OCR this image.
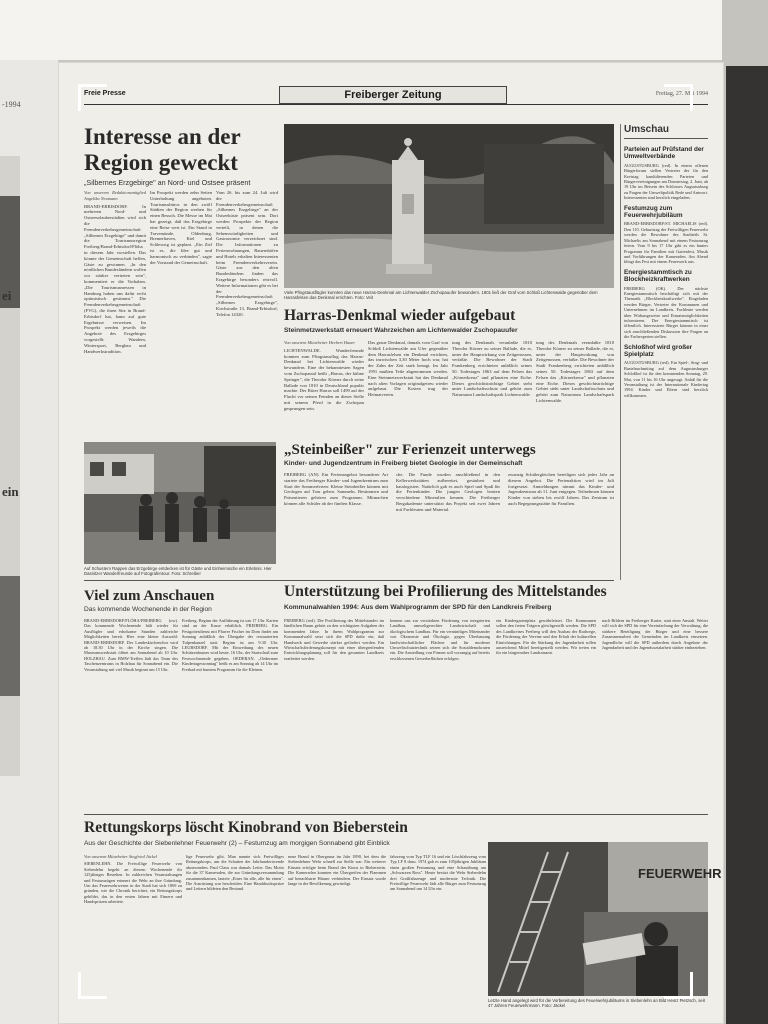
-1994
ei
ein
Freie Presse	Freiberger Zeitung	Freitag, 27. Mai 1994
Interesse an der Region geweckt
„Silbernes Erzgebirge" an Nord- und Ostsee präsent
Von unserem Redaktionsmitglied Angelika Neumann

BRAND-ERBISDORF. In mehreren Nord- und Ostseeurlauberstädten wird sich die Fremdenverkehrsgemeinschaft „Silbernes Erzgebirge" und damit die Tourismusregion Freiberg/Brand-Erbisdorf/Flöha in diesem Jahr vorstellen. Das könnte der Gemeinschaft helfen, Gäste zu gewinnen. „In den nördlichen Bundesländern wollen wir stärker vertreten sein", kommentiert er die Vorhaben. „Die Tourismusmessen in Hamburg haben uns dafür recht optimistisch gestimmt." Die Fremdenverkehrsgemeinschaft (FVG), die ihren Sitz in Brand-Erbisdorf hat, kann auf gute Ergebnisse verweisen. Im Prospekt werden jeweils die Angebote des Erzgebirges vorgestellt: Wandern, Wintersport, Bergbau und Handwerkstradition.

Im Prospekt werden zehn Seiten Unterhaltung angeboten. Tourismusbüros in den zwölf Städten der Region werben für einen Besuch. Die Messe im Mai hat gezeigt, daß das Erzgebirge eine Reise wert ist. Ein Stand in Travemünde, Oldenburg, Bremerhaven, Kiel und Schleswig ist geplant. „Ein Ziel ist es, die Idee gut und harmonisch zu verbinden", sagte der Vorstand der Gemeinschaft.

Vom 26. bis zum 24. Juli wird die Fremdenverkehrsgemeinschaft „Silbernes Erzgebirge" an der Ostseeküste präsent sein. Dort werden Prospekte der Region verteilt, in denen die Sehenswürdigkeiten und Gastronomie verzeichnet sind. Die Informationen zu Ferienwohnungen, Bauernhöfen und Hotels erhalten Interessenten beim Fremdenverkehrsverein. Gäste aus den alten Bundesländern finden das Erzgebirge besonders reizvoll. Weitere Informationen gibt es bei der Fremdenverkehrsgemeinschaft „Silbernes Erzgebirge", Kirchstraße 13, Brand-Erbisdorf, Telefon 14320.

Viele Pfingstausflügler konnten das neue Harras-Denkmal am Lichtenwalder Zschopauufer bewundern. 1801 ließ der Graf vom Schloß Lichtenwalde gegenüber dem Harrasfelsen das Denkmal errichten. Foto: Veit
Harras-Denkmal wieder aufgebaut
Steinmetzwerkstatt erneuert Wahrzeichen am Lichtenwalder Zschopauufer
Von unserem Mitarbeiter Herbert Hauer

LICHTENWALDE. Wanderfreunde konnten zum Pfingstausflug das Harras-Denkmal bei Lichtenwalde wieder bewundern. Eine der bekanntesten Sagen vom Zschopautal heißt „Harras, der kühne Springer", die Theodor Körner durch seine Ballade von 1810 in Deutschland populär machte. Der Ritter Harras soll 1499 auf der Flucht vor seinen Feinden an dieser Stelle mit seinem Pferd in die Zschopau gesprungen sein.

Das graue Denkmal, damals vom Graf von Schloß Lichtenwalde am Ufer gegenüber dem Harrasfelsen ein Denkmal errichten, das inzwischen 3,30 Meter hoch war, hat der Zahn der Zeit stark benagt. Im Jahr 1991 mußten Teile abgenommen werden. Eine Steinmetzwerkstatt hat das Denkmal nach alten Vorlagen originalgetreu wieder aufgebaut. Die Kosten trug der Heimatverein.

tung des Denkmals veranlaßte 1810 Theodor Körner zu seiner Ballade, die er, unter der Hauptwirkung von Zeitgenossen, verfaßte. Die Bewohner der Stadt Frankenberg errichteten anläßlich seines 50. Todestages 1863 auf dem Felsen das „Körnerkreuz" und pflanzten eine Eiche. Dieses geschichtsträchtige Gebiet steht unter Landschaftsschutz und gehört zum Naturraum Landschaftspark Lichtenwalde.

tung des Denkmals veranlaßte 1810 Theodor Körner zu seiner Ballade, die er, unter der Hauptwirkung von Zeitgenossen, verfaßte. Die Bewohner der Stadt Frankenberg errichteten anläßlich seines 50. Todestages 1863 auf dem Felsen das „Körnerkreuz" und pflanzten eine Eiche. Dieses geschichtsträchtige Gebiet steht unter Landschaftsschutz und gehört zum Naturraum Landschaftspark Lichtenwalde.

Auf Schustern Rappen das Erzgebirge entdecken ist für Gäste und Einheimische ein Erlebnis. Hier Dasnitzer Wanderfreunde auf Fotografentour. Foto: Schreiber
„Steinbeißer" zur Ferienzeit unterwegs
Kinder- und Jugendzentrum in Freiberg bietet Geologie in der Gemeinschaft

FREIBERG (AN). Ein Ferienangebot besonderer Art startete das Freiberger Kinder- und Jugendzentrum zum Start der Sommerferien: Kleine Steinbeißer können mit Geologen auf Tour gehen. Sammeln, Bestimmen und Präsentieren gehören zum Programm. Mitmachen können alle Schüler ab der fünften Klasse.

che. Die Funde wurden anschließend in den Kellerwerkstätten aufbereitet, gesäubert und katalogisiert. Natürlich gab es auch Spiel und Spaß für die Ferienkinder. Die jungen Geologen lernten verschiedene Mineralien kennen. Die Freiberger Bergakademie unterstützt das Projekt seit zwei Jahren mit Fachleuten und Material.

zwanzig Schülergleichen beteiligen sich jedes Jahr an diesem Angebot. Die Ferienaktion wird im Juli fortgesetzt. Anmeldungen nimmt das Kinder- und Jugendzentrum ab 11. Juni entgegen. Teilnehmen können Kinder von sieben bis zwölf Jahren. Das Zentrum ist auch Begegnungsstätte für Familien.

Viel zum Anschauen
Das kommende Wochenende in der Region

BRAND-ERBISDORF/FLÖHA/FREIBERG (ow). Das kommende Wochenende hält wieder für Ausflügler und erholsame Stunden zahlreiche Möglichkeiten bereit. Hier eine kleine Auswahl: BRAND-ERBISDORF. Der Landeskirchenchor wird ab 18.30 Uhr in der Kirche singen. Die Museumswerkstatt öffnet am Sonnabend ab 10 Uhr. HOLZHAU. Zum BMW-Treffen lädt das Team des Taschenzentrums in Holzhau für Sonnabend ein. Die Veranstaltung mit viel Musik beginnt um 15 Uhr.

Freiberg. Beginn der Aufführung ist um 17 Uhr. Karten sind an der Kasse erhältlich. FREIBERG. Ein Festgottesdienst mit Pfarrer Fischer im Dom findet am Sonntag anläßlich der Übergabe der restaurierten Tulpenkanzel statt. Beginn ist um 9.30 Uhr. LEUBSDORF. Mit der Einweihung des neuen Schützenhauses wird heute, 16 Uhr, der Startschuß zum Festwochenende gegeben. OEDERAN. „Oederaner Kindertagessonntag" heißt es am Sonntag ab 14 Uhr im Freibad mit buntem Programm für die Kleinen.

Unterstützung bei Profilierung des Mittelstandes
Kommunalwahlen 1994: Aus dem Wahlprogramm der SPD für den Landkreis Freiberg

FREIBERG (red). Die Profilierung des Mittelstandes im ländlichen Raum gehört zu den wichtigsten Aufgaben der kommenden Jahre. In ihrem Wahlprogramm zur Kommunalwahl setzt sich die SPD dafür ein, daß Handwerk und Gewerbe stärker gefördert werden. Ein Wirtschaftsförderungskonzept mit einer übergreifenden Entwicklungsplanung soll für den gesamten Landkreis erarbeitet werden.

kennen uns zur verstärkten Förderung von integrierten Landbau, umweltgerechter Landwirtschaft und ökologischem Landbau. Für ein vernünftiges Miteinander von Ökonomie und Ökologie, gegen Überbauung landwirtschaftlicher Flächen und für moderne Umweltschutztechnik setzen sich die Sozialdemokraten ein. Die Ansiedlung von Firmen soll vorrangig auf bereits erschlossenen Gewerbeflächen erfolgen.

ein Kindergartenplatz gewährleistet. Die Kommunen sollen den freien Trägern gleichgestellt werden. Die SPD des Landkreises Freiberg will den Ausbau der Radwege, die Förderung der Vereine und den Erhalt der kulturellen Einrichtungen. Für die Stärkung der Jugendarbeit sollen ausreichend Mittel bereitgestellt werden. Wir treten ein für ein bürgernahes Landratsamt.

nach Bildern im Freiberger Kurier, statt einer Anstalt. Weiter will sich die SPD für eine Vereinfachung der Verwaltung, die stärkere Beteiligung der Bürger und eine bessere Zusammenarbeit der Gemeinden im Landkreis einsetzen. Jugendliche will die SPD außerdem durch Angebote der Jugendarbeit und der Jugendsozialarbeit stärker einbeziehen.

Rettungskorps löscht Kinobrand von Bieberstein
Aus der Geschichte der Siebenlehner Feuerwehr (2) – Festumzug am morgigen Sonnabend gibt Einblick
Von unserem Mitarbeiter Siegfried Jäckel

SIEBENLEHN. Die Freiwillige Feuerwehr von Siebenlehn begeht an diesem Wochenende ihr 125jähriges Bestehen. In zahlreichen Veranstaltungen und Festumzügen erinnert die Wehr an ihre Gründung. Um das Feuerwehrwesen in der Stadt hat sich 1869 zu gründen, wie die Chronik berichtet, ein Rettungskorps gebildet, das in den ersten Jahren mit Eimern und Handspritzen arbeitete.

lige Feuerwehr gibt. Man nannte sich Freiwilliges Rettungskorps, um die Schatten der Jahrhundertwende abzuwenden. Paul Claus war damals Leiter. Das Motto für die 37 Kameraden, die zur Gründungsversammlung zusammenkamen, lautete „Einer für alle, alle für einen". Die Ausrüstung war bescheiden. Eine Handdruckspritze und Leitern bildeten den Bestand.

neue Brand in Obergruna im Jahr 1890, bei dem die Siebenlehner Wehr schnell zur Stelle war. Ein weiterer Einsatz erfolgte beim Brand des Kinos in Bieberstein. Die Kameraden konnten ein Übergreifen der Flammen auf benachbarte Häuser verhindern. Der Einsatz wurde lange in der Bevölkerung gewürdigt.

fahrzeug vom Typ TLF 16 und ein Löschfahrzeug vom Typ LF 8 dazu. 1974 gab es zum 105jährigen Jubiläum einen großen Festumzug und eine Schauübung am „Schwarzen Ross". Heute besitzt die Wehr Siebenlehn drei Großfahrzeuge und modernste Technik. Die Freiwillige Feuerwehr lädt alle Bürger zum Festumzug am Sonnabend um 14 Uhr ein.

FEUERWEHR
Letzte Hand angelegt wird für die Vorbereitung des Feuerwehrjubiläums in Siebenlehn an Bild Heinz Pietzsch, seit 47 Jahren Feuerwehrmann. Foto: Jäckel
Umschau
Parteien auf Prüfstand der Umweltverbände

AUGUSTUSBURG (red). In einem offenen Bürgerforum stellen Vertreter der für den Kreistag kandidierenden Parteien und Bürgervereinigungen am Donnerstag, 2. Juni, ab 19 Uhr im Beisein des Schlosses Augustusburg zu Fragen der Umweltpolitik Rede und Antwort. Interessenten sind herzlich eingeladen.

Festumzug zum Feuerwehrjubiläum

BRAND-ERBISDORF/ST. MICHAELIS (red). Den 110. Geburtstag der Freiwilligen Feuerwehr werden die Bewohner des Stadtteils St. Michaelis am Sonnabend mit einem Festumzug feiern. Vom 9 bis 17 Uhr gibt es ein buntes Programm für Familien mit Gartenfest, Musik und Vorführungen der Kameraden. Am Abend klingt das Fest mit einem Feuerwerk aus.

Energiestammtisch zu Blockheizkraftwerken

FREIBERG (OK). Der nächste Energiestammtisch beschäftigt sich mit der Thematik „Blockheizkraftwerke". Eingeladen werden Bürger, Vertreter der Kommunen und Unternehmen im Landkreis. Fachleute werden über Wirkungsweise und Einsatzmöglichkeiten informieren. Der Energiestammtisch ist öffentlich. Interessierte Bürger können in einer sich anschließenden Diskussion ihre Fragen an die Fachexperten stellen.

Schloßhof wird großer Spielplatz

AUGUSTUSBURG (red). Ein Spiel-, Sing- und Bastelnachmittag auf dem Augustusburger Schloßhof ist für den kommenden Sonntag, 29. Mai, von 11 bis 16 Uhr angesagt. Anlaß für die Veranstaltung ist der Internationale Kindertag 1994. Kinder und Eltern sind herzlich willkommen.
